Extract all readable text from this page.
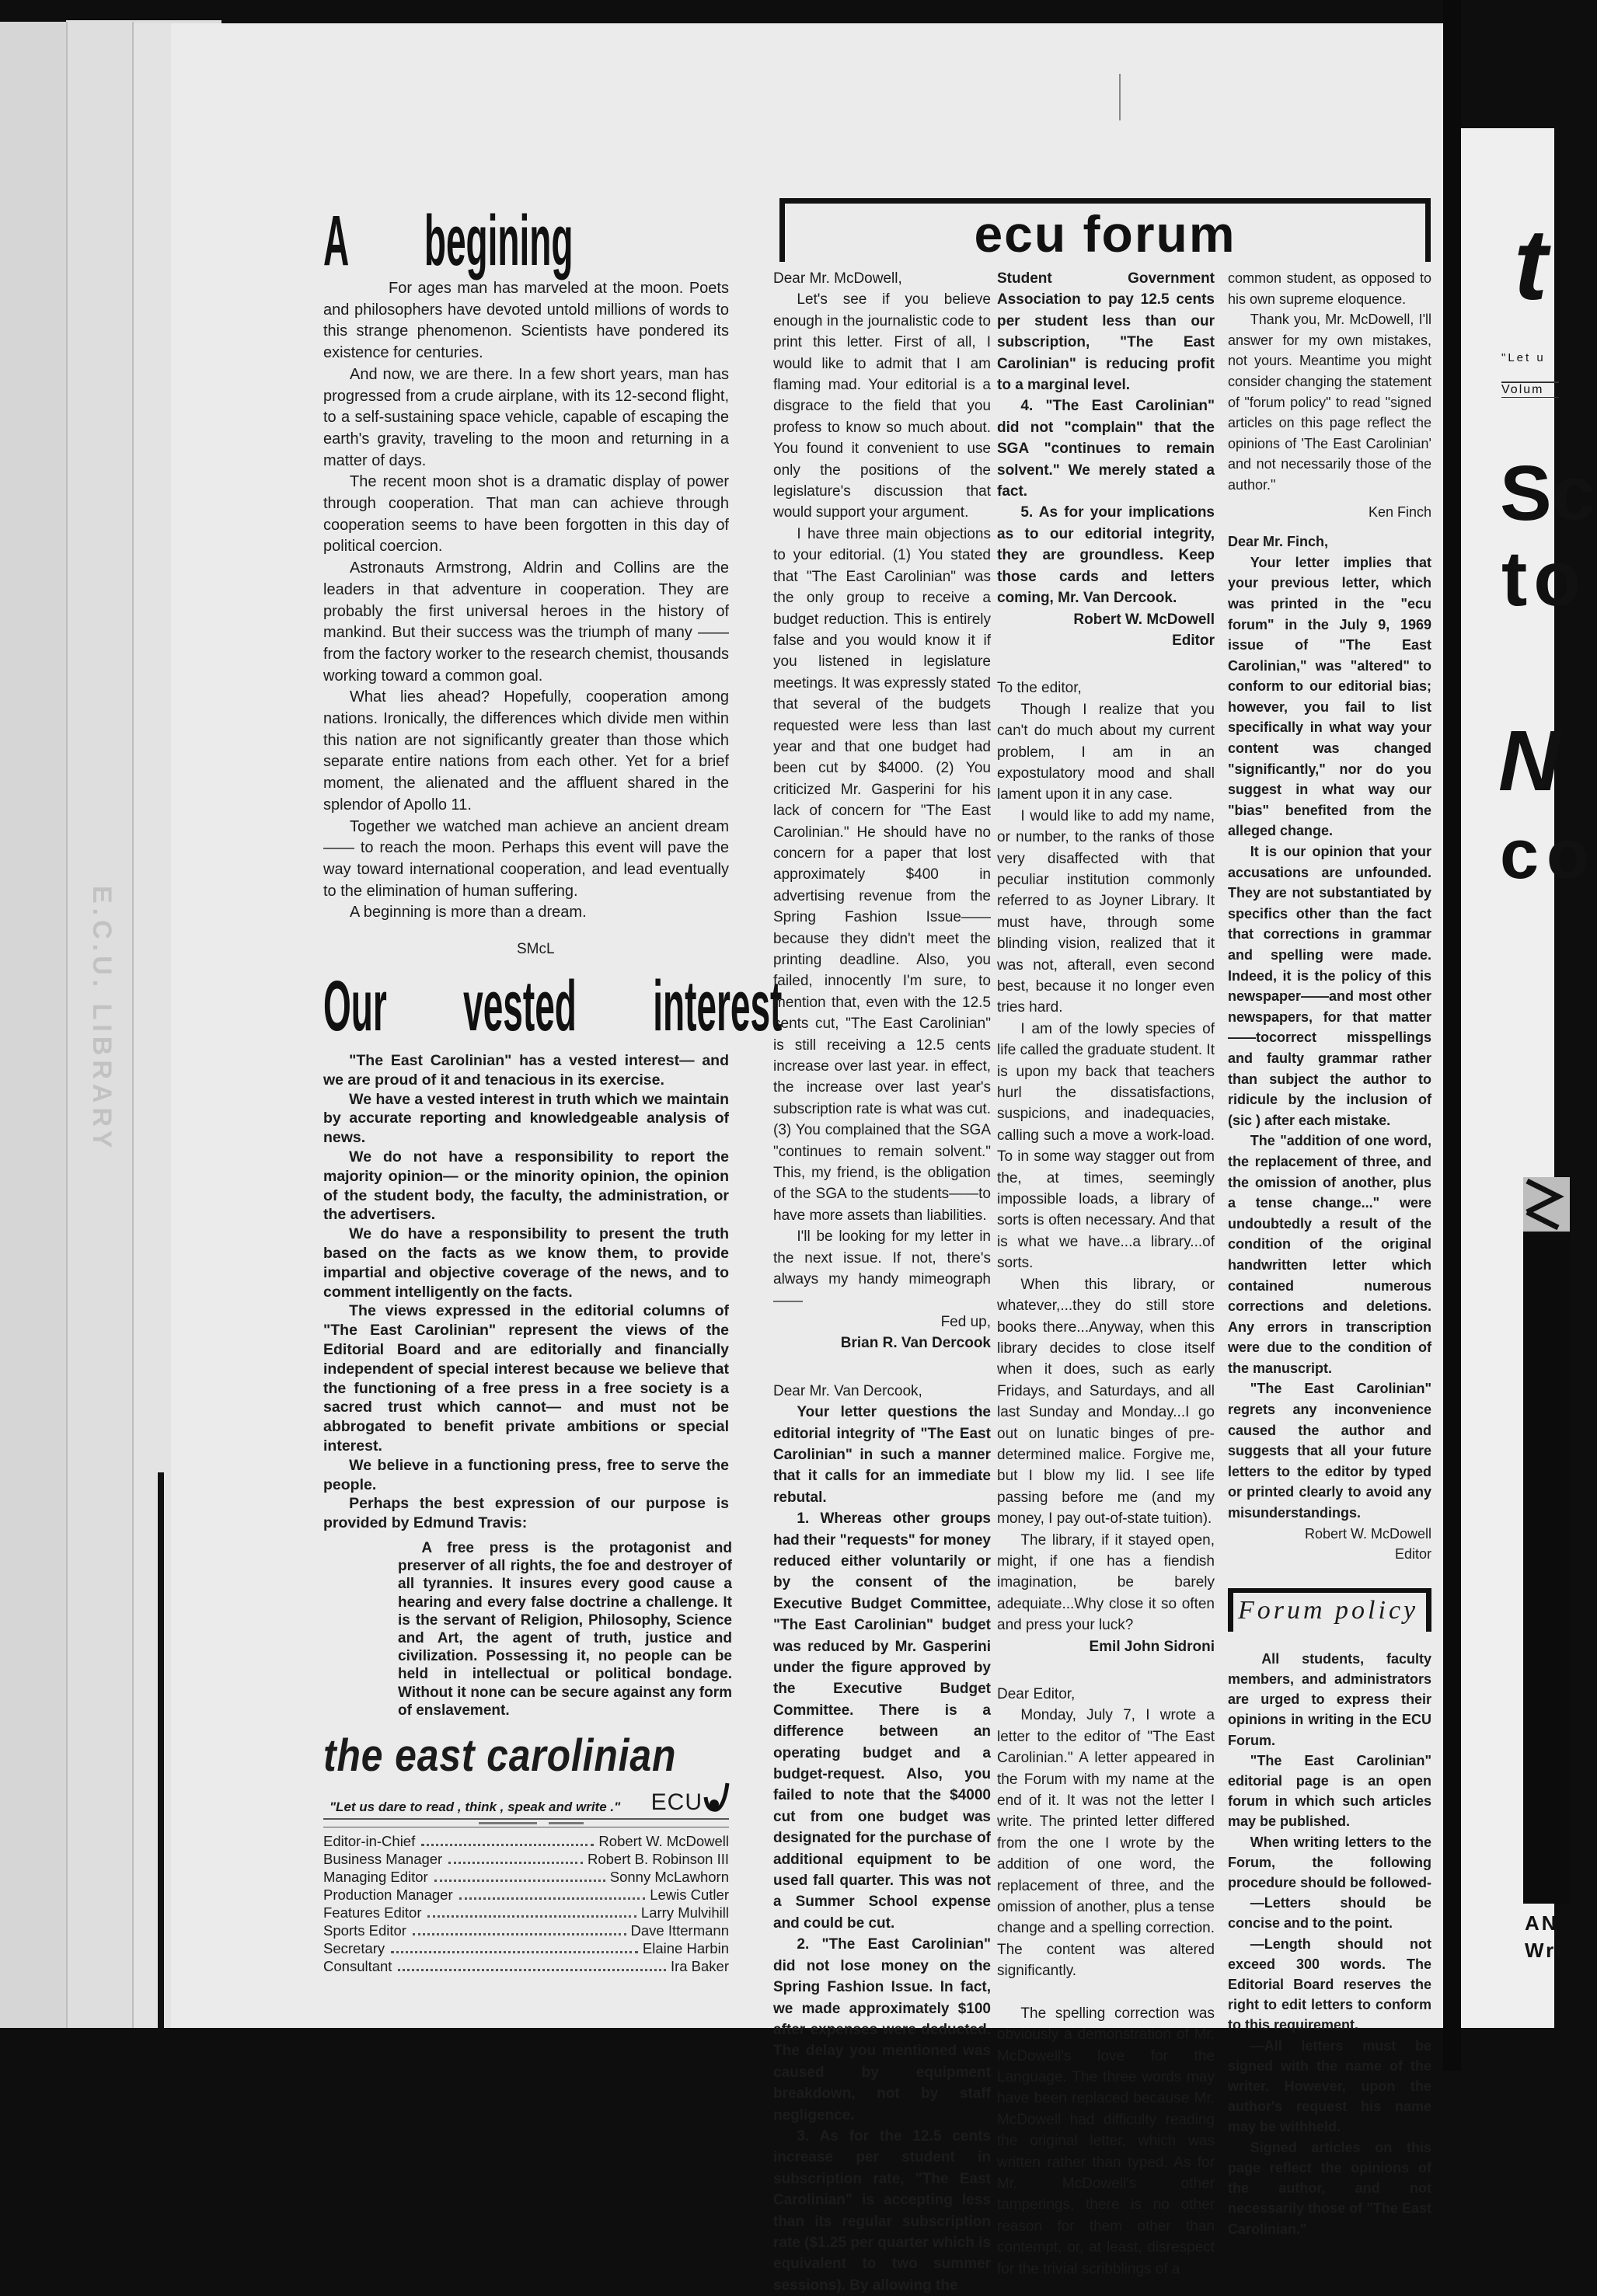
E.C.U. LIBRARY
A   begining

For ages man has marveled at the moon. Poets and philosophers have devoted untold millions of words to this strange phenomenon. Scientists have pondered its existence for centuries.

And now, we are there. In a few short years, man has progressed from a crude airplane, with its 12-second flight, to a self-sustaining space vehicle, capable of escaping the earth's gravity, traveling to the moon and returning in a matter of days.

The recent moon shot is a dramatic display of power through cooperation. That man can achieve through cooperation seems to have been forgotten in this day of political coercion.

Astronauts Armstrong, Aldrin and Collins are the leaders in that adventure in cooperation. They are probably the first universal heroes in the history of mankind. But their success was the triumph of many —— from the factory worker to the research chemist, thousands working toward a common goal.

What lies ahead? Hopefully, cooperation among nations. Ironically, the differences which divide men within this nation are not significantly greater than those which separate entire nations from each other. Yet for a brief moment, the alienated and the affluent shared in the splendor of Apollo 11.

Together we watched man achieve an ancient dream —— to reach the moon. Perhaps this event will pave the way toward international cooperation, and lead eventually to the elimination of human suffering.

A beginning is more than a dream.

SMcL
Our   vested   interest

"The East Carolinian" has a vested interest— and we are proud of it and tenacious in its exercise.

We have a vested interest in truth which we maintain by accurate reporting and knowledgeable analysis of news.

We do not have a responsibility to report the majority opinion— or the minority opinion, the opinion of the student body, the faculty, the administration, or the advertisers.

We do have a responsibility to present the truth based on the facts as we know them, to provide impartial and objective coverage of the news, and to comment intelligently on the facts.

The views expressed in the editorial columns of "The East Carolinian" represent the views of the Editorial Board and are editorially and financially independent of special interest because we believe that the functioning of a free press in a free society is a sacred trust which cannot— and must not be abbrogated to benefit private ambitions or special interest.

We believe in a functioning press, free to serve the people.

Perhaps the best expression of our purpose is provided by Edmund Travis:

A free press is the protagonist and preserver of all rights, the foe and destroyer of all tyrannies. It insures every good cause a hearing and every false doctrine a challenge. It is the servant of Religion, Philosophy, Science and Art, the agent of truth, justice and civilization. Possessing it, no people can be held in intellectual or political bondage. Without it none can be secure against any form of enslavement.
the east carolinian
"Let us dare to read , think , speak and write ." ECU
Editor-in-Chief	Robert W. McDowell
Business Manager	Robert B. Robinson III
Managing Editor	Sonny McLawhorn
Production Manager	Lewis Cutler
Features Editor	Larry Mulvihill
Sports Editor	Dave Ittermann
Secretary	Elaine Harbin
Consultant	Ira Baker
ecu forum

Dear Mr. McDowell,

Let's see if you believe enough in the journalistic code to print this letter. First of all, I would like to admit that I am flaming mad. Your editorial is a disgrace to the field that you profess to know so much about. You found it convenient to use only the positions of the legislature's discussion that would support your argument.

I have three main objections to your editorial. (1) You stated that "The East Carolinian" was the only group to receive a budget reduction. This is entirely false and you would know it if you listened in legislature meetings. It was expressly stated that several of the budgets requested were less than last year and that one budget had been cut by $4000. (2) You criticized Mr. Gasperini for his lack of concern for "The East Carolinian." He should have no concern for a paper that lost approximately $400 in advertising revenue from the Spring Fashion Issue——because they didn't meet the printing deadline. Also, you failed, innocently I'm sure, to mention that, even with the 12.5 cents cut, "The East Carolinian" is still receiving a 12.5 cents increase over last year. in effect, the increase over last year's subscription rate is what was cut. (3) You complained that the SGA "continues to remain solvent." This, my friend, is the obligation of the SGA to the students——to have more assets than liabilities.

I'll be looking for my letter in the next issue. If not, there's always my handy mimeograph——

Fed up,

Brian R. Van Dercook

Dear Mr. Van Dercook,

Your letter questions the editorial integrity of "The East Carolinian" in such a manner that it calls for an immediate rebutal.

1. Whereas other groups had their "requests" for money reduced either voluntarily or by the consent of the Executive Budget Committee, "The East Carolinian" budget was reduced by Mr. Gasperini under the figure approved by the Executive Budget Committee. There is a difference between an operating budget and a budget-request. Also, you failed to note that the $4000 cut from one budget was designated for the purchase of additional equipment to be used fall quarter. This was not a Summer School expense and could be cut.

2. "The East Carolinian" did not lose money on the Spring Fashion Issue. In fact, we made approximately $100 after expenses were deducted. The delay you mentioned was caused by equipment breakdown, not by staff negligence.

3. As for the 12.5 cents increase per student in subscription rate, "The East Carolinian" is accepting less than its regular subscription rate ($1.25 per quarter which is equivalent to two summer sessions). By allowing the

Student Government Association to pay 12.5 cents per student less than our subscription, "The East Carolinian" is reducing profit to a marginal level.

4. "The East Carolinian" did not "complain" that the SGA "continues to remain solvent." We merely stated a fact.

5. As for your implications as to our editorial integrity, they are groundless. Keep those cards and letters coming, Mr. Van Dercook.

Robert W. McDowell

Editor

To the editor,

Though I realize that you can't do much about my current problem, I am in an expostulatory mood and shall lament upon it in any case.

I would like to add my name, or number, to the ranks of those very disaffected with that peculiar institution commonly referred to as Joyner Library. It must have, through some blinding vision, realized that it was not, afterall, even second best, because it no longer even tries hard.

I am of the lowly species of life called the graduate student. It is upon my back that teachers hurl the dissatisfactions, suspicions, and inadequacies, calling such a move a work-load. To in some way stagger out from the, at times, seemingly impossible loads, a library of sorts is often necessary. And that is what we have...a library...of sorts.

When this library, or whatever,...they do still store books there...Anyway, when this library decides to close itself when it does, such as early Fridays, and Saturdays, and all last Sunday and Monday...I go out on lunatic binges of pre-determined malice. Forgive me, but I blow my lid. I see life passing before me (and my money, I pay out-of-state tuition).

The library, if it stayed open, might, if one has a fiendish imagination, be barely adequiate...Why close it so often and press your luck?

Emil John Sidroni

Dear Editor,

Monday, July 7, I wrote a letter to the editor of "The East Carolinian." A letter appeared in the Forum with my name at the end of it. It was not the letter I write. The printed letter differed from the one I wrote by the addition of one word, the replacement of three, and the omission of another, plus a tense change and a spelling correction. The content was altered significantly.

The spelling correction was obviously a demonstration of Mr. McDowell's love for the Language. The three words may have been replaced because Mr. McDowell had difficulty reading the original letter, which was written rather than typed. As for Mr. McDowell's other tamperings, there is no other reason for them other than contempt, or, at least, disrespect for the trivial scribblings of a

common student, as opposed to his own supreme eloquence.

Thank you, Mr. McDowell, I'll answer for my own mistakes, not yours. Meantime you might consider changing the statement of "forum policy" to read "signed articles on this page reflect the opinions of 'The East Carolinian' and not necessarily those of the author."

Ken Finch

Dear Mr. Finch,

Your letter implies that your previous letter, which was printed in the "ecu forum" in the July 9, 1969 issue of "The East Carolinian," was "altered" to conform to our editorial bias; however, you fail to list specifically in what way your content was changed "significantly," nor do you suggest in what way our "bias" benefited from the alleged change.

It is our opinion that your accusations are unfounded. They are not substantiated by specifics other than the fact that corrections in grammar and spelling were made. Indeed, it is the policy of this newspaper——and most other newspapers, for that matter——tocorrect misspellings and faulty grammar rather than subject the author to ridicule by the inclusion of (sic ) after each mistake.

The "addition of one word, the replacement of three, and the omission of another, plus a tense change..." were undoubtedly a result of the condition of the original handwritten letter which contained numerous corrections and deletions. Any errors in transcription were due to the condition of the manuscript.

"The East Carolinian" regrets any inconvenience caused the author and suggests that all your future letters to the editor by typed or printed clearly to avoid any misunderstandings.

Robert W. McDowell

Editor

Forum policy

All students, faculty members, and administrators are urged to express their opinions in writing in the ECU Forum.

"The East Carolinian" editorial page is an open forum in which such articles may be published.

When writing letters to the Forum, the following procedure should be followed-

—Letters should be concise and to the point.

—Length should not exceed 300 words. The Editorial Board reserves the right to edit letters to conform to this requirement.

—All letters must be signed with the name of the writer. However, upon the author's request his name may be withheld.

Signed articles on this page reflect the opinions of the author, and not necessarily those of "The East Carolinian."

t
"Let u
Volum
Sc
to
N
co
AN
Wri
